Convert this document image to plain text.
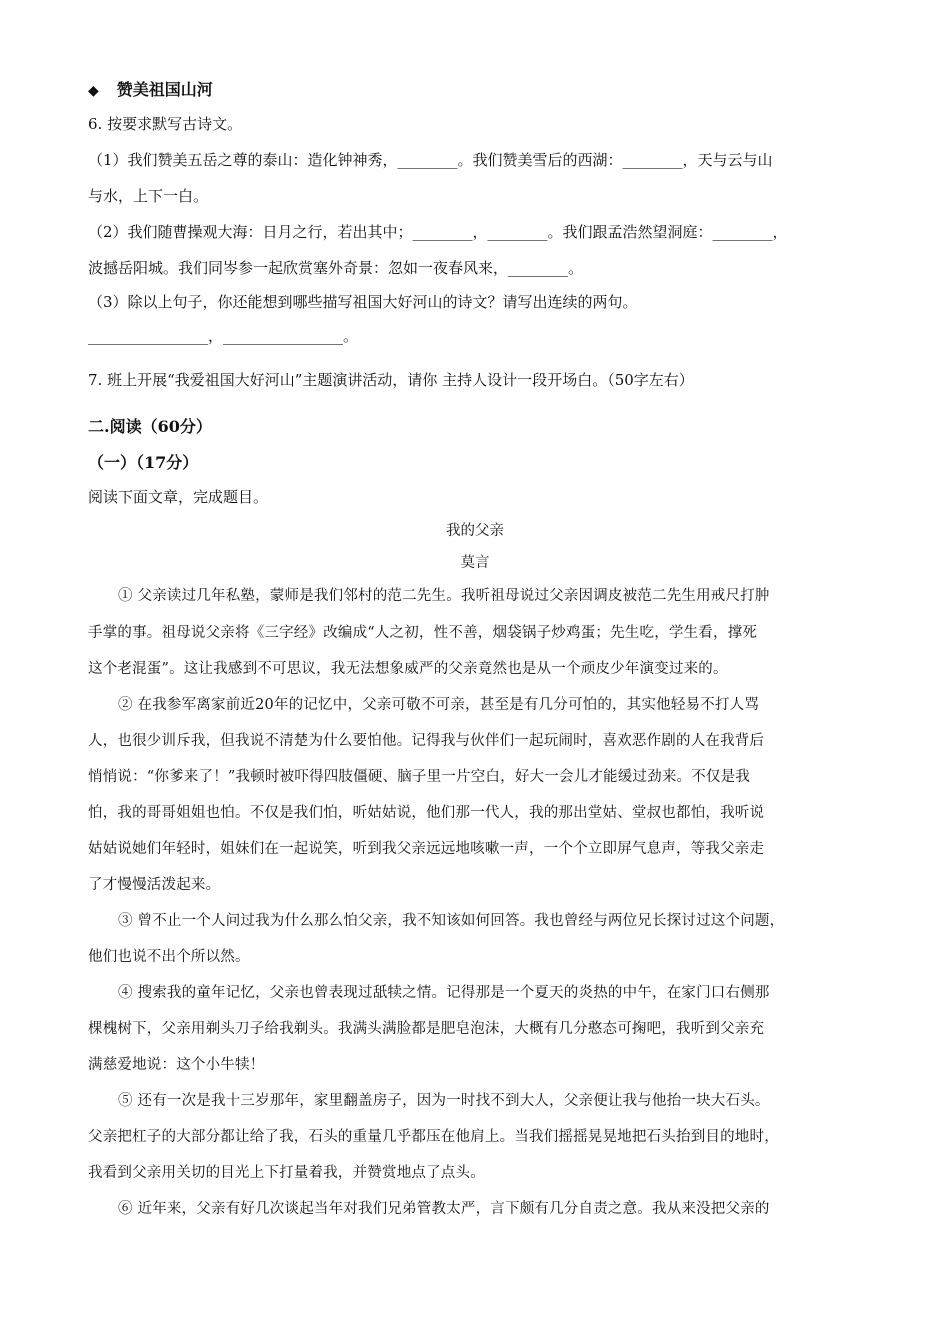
◆ 赞美祖国山河
6. 按要求默写古诗文。
（1）我们赞美五岳之尊的泰山：造化钟神秀，________。我们赞美雪后的西湖：________，天与云与山
与水，上下一白。
（2）我们随曹操观大海：日月之行，若出其中；________，________。我们跟孟浩然望洞庭：________，
波撼岳阳城。我们同岑参一起欣赏塞外奇景：忽如一夜春风来，________。
（3）除以上句子，你还能想到哪些描写祖国大好河山的诗文？请写出连续的两句。
________________，________________。
7. 班上开展“我爱祖国大好河山”主题演讲活动，请你 主持人设计一段开场白。（50字左右）
二.阅读（60分）
（一）（17分）
阅读下面文章，完成题目。
我的父亲
莫言
① 父亲读过几年私塾，蒙师是我们邻村的范二先生。我听祖母说过父亲因调皮被范二先生用戒尺打肿
手掌的事。祖母说父亲将《三字经》改编成“人之初，性不善，烟袋锅子炒鸡蛋；先生吃，学生看，撑死
这个老混蛋”。这让我感到不可思议，我无法想象威严的父亲竟然也是从一个顽皮少年演变过来的。
② 在我参军离家前近20年的记忆中，父亲可敬不可亲，甚至是有几分可怕的，其实他轻易不打人骂
人，也很少训斥我，但我说不清楚为什么要怕他。记得我与伙伴们一起玩闹时，喜欢恶作剧的人在我背后
悄悄说：“你爹来了！”我顿时被吓得四肢僵硬、脑子里一片空白，好大一会儿才能缓过劲来。不仅是我
怕，我的哥哥姐姐也怕。不仅是我们怕，听姑姑说，他们那一代人，我的那出堂姑、堂叔也都怕，我听说
姑姑说她们年轻时，姐妹们在一起说笑，听到我父亲远远地咳嗽一声，一个个立即屏气息声，等我父亲走
了才慢慢活泼起来。
③ 曾不止一个人问过我为什么那么怕父亲，我不知该如何回答。我也曾经与两位兄长探讨过这个问题，
他们也说不出个所以然。
④ 搜索我的童年记忆，父亲也曾表现过舐犊之情。记得那是一个夏天的炎热的中午，在家门口右侧那
棵槐树下，父亲用剃头刀子给我剃头。我满头满脸都是肥皂泡沫，大概有几分憨态可掬吧，我听到父亲充
满慈爱地说：这个小牛犊！
⑤ 还有一次是我十三岁那年，家里翻盖房子，因为一时找不到大人，父亲便让我与他抬一块大石头。
父亲把杠子的大部分都让给了我，石头的重量几乎都压在他肩上。当我们摇摇晃晃地把石头抬到目的地时，
我看到父亲用关切的目光上下打量着我，并赞赏地点了点头。
⑥ 近年来，父亲有好几次谈起当年对我们兄弟管教太严，言下颇有几分自责之意。我从来没把父亲的
